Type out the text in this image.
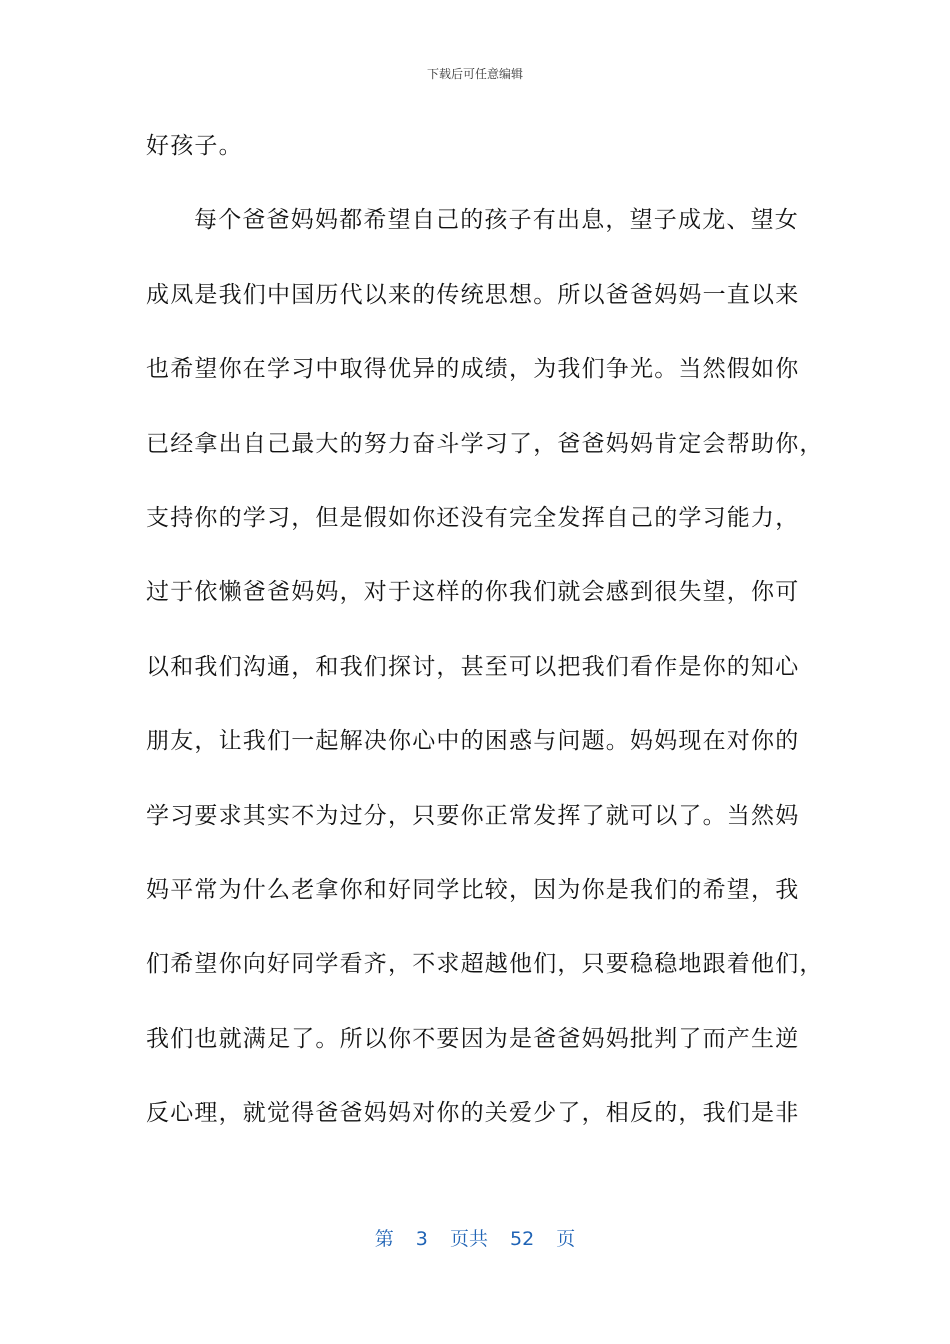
下载后可任意编辑
好孩子。
每个爸爸妈妈都希望自己的孩子有出息，望子成龙、望女
成凤是我们中国历代以来的传统思想。所以爸爸妈妈一直以来
也希望你在学习中取得优异的成绩，为我们争光。当然假如你
已经拿出自己最大的努力奋斗学习了，爸爸妈妈肯定会帮助你，
支持你的学习，但是假如你还没有完全发挥自己的学习能力，
过于依懒爸爸妈妈，对于这样的你我们就会感到很失望，你可
以和我们沟通，和我们探讨，甚至可以把我们看作是你的知心
朋友，让我们一起解决你心中的困惑与问题。妈妈现在对你的
学习要求其实不为过分，只要你正常发挥了就可以了。当然妈
妈平常为什么老拿你和好同学比较，因为你是我们的希望，我
们希望你向好同学看齐，不求超越他们，只要稳稳地跟着他们，
我们也就满足了。所以你不要因为是爸爸妈妈批判了而产生逆
反心理，就觉得爸爸妈妈对你的关爱少了，相反的，我们是非
第 3 页共 52 页
